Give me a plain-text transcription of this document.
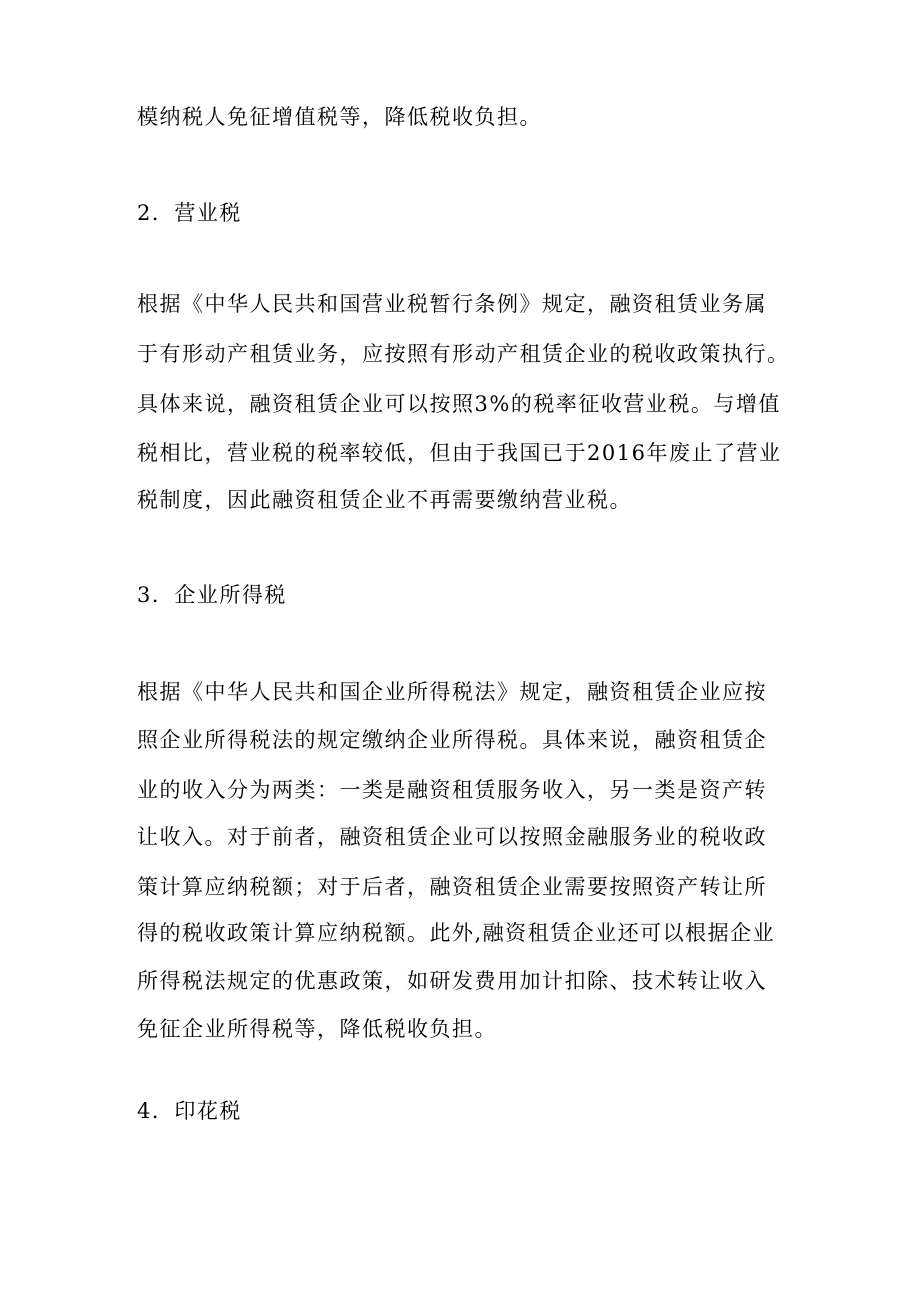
模纳税人免征增值税等，降低税收负担。
2．营业税
根据《中华人民共和国营业税暂行条例》规定，融资租赁业务属
于有形动产租赁业务，应按照有形动产租赁企业的税收政策执行。
具体来说，融资租赁企业可以按照3%的税率征收营业税。与增值
税相比，营业税的税率较低，但由于我国已于2016年废止了营业
税制度，因此融资租赁企业不再需要缴纳营业税。
3．企业所得税
根据《中华人民共和国企业所得税法》规定，融资租赁企业应按
照企业所得税法的规定缴纳企业所得税。具体来说，融资租赁企
业的收入分为两类：一类是融资租赁服务收入，另一类是资产转
让收入。对于前者，融资租赁企业可以按照金融服务业的税收政
策计算应纳税额；对于后者，融资租赁企业需要按照资产转让所
得的税收政策计算应纳税额。此外,融资租赁企业还可以根据企业
所得税法规定的优惠政策，如研发费用加计扣除、技术转让收入
免征企业所得税等，降低税收负担。
4．印花税
